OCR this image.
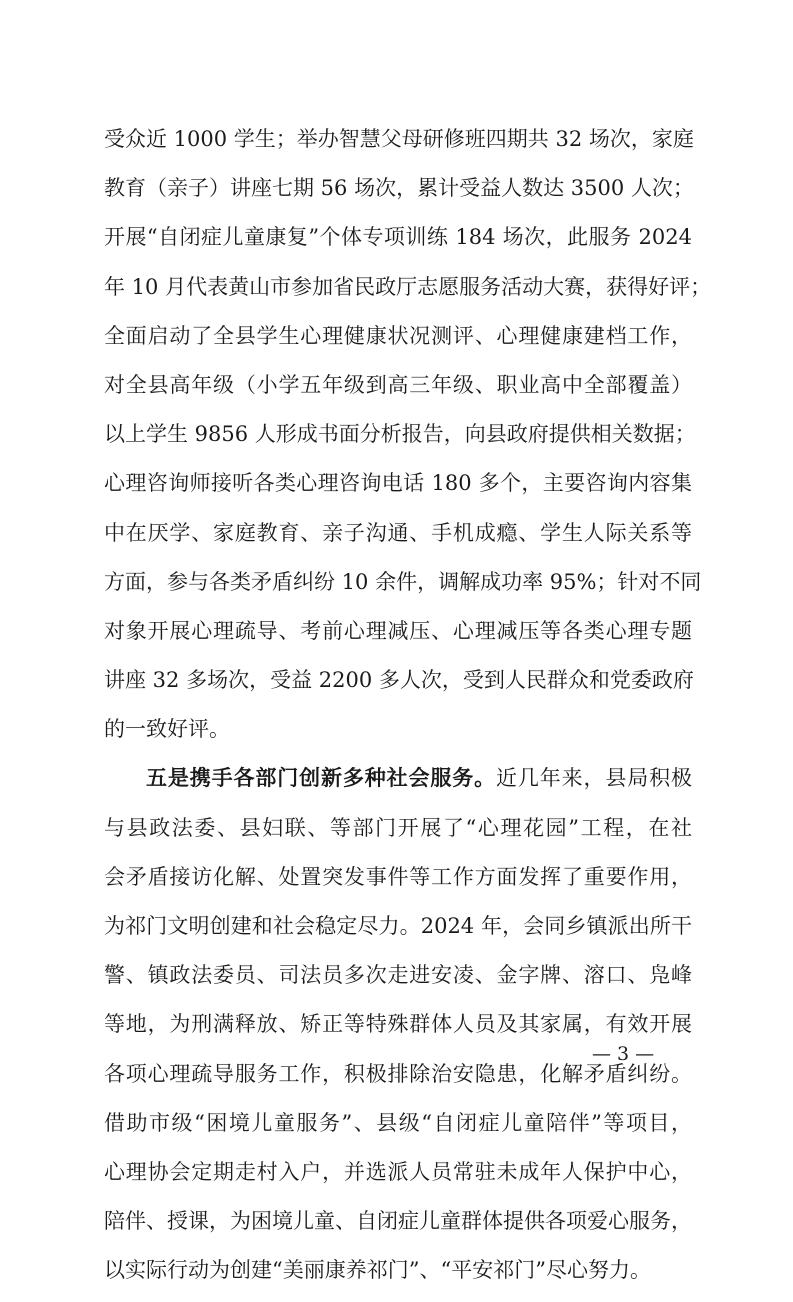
受众近 1000 学生；举办智慧父母研修班四期共 32 场次，家庭
教育（亲子）讲座七期 56 场次，累计受益人数达 3500 人次；
开展“自闭症儿童康复”个体专项训练 184 场次，此服务 2024
年 10 月代表黄山市参加省民政厅志愿服务活动大赛，获得好评；
全面启动了全县学生心理健康状况测评、心理健康建档工作，
对全县高年级（小学五年级到高三年级、职业高中全部覆盖）
以上学生 9856 人形成书面分析报告，向县政府提供相关数据；
心理咨询师接听各类心理咨询电话 180 多个，主要咨询内容集
中在厌学、家庭教育、亲子沟通、手机成瘾、学生人际关系等
方面，参与各类矛盾纠纷 10 余件，调解成功率 95%；针对不同
对象开展心理疏导、考前心理减压、心理减压等各类心理专题
讲座 32 多场次，受益 2200 多人次，受到人民群众和党委政府
的一致好评。
五是携手各部门创新多种社会服务。近几年来，县局积极
与县政法委、县妇联、等部门开展了“心理花园”工程，在社
会矛盾接访化解、处置突发事件等工作方面发挥了重要作用，
为祁门文明创建和社会稳定尽力。2024 年，会同乡镇派出所干
警、镇政法委员、司法员多次走进安凌、金字牌、溶口、凫峰
等地，为刑满释放、矫正等特殊群体人员及其家属，有效开展
各项心理疏导服务工作，积极排除治安隐患，化解矛盾纠纷。
借助市级“困境儿童服务”、县级“自闭症儿童陪伴”等项目，
心理协会定期走村入户，并选派人员常驻未成年人保护中心，
陪伴、授课，为困境儿童、自闭症儿童群体提供各项爱心服务，
以实际行动为创建“美丽康养祁门”、“平安祁门”尽心努力。
— 3 —
